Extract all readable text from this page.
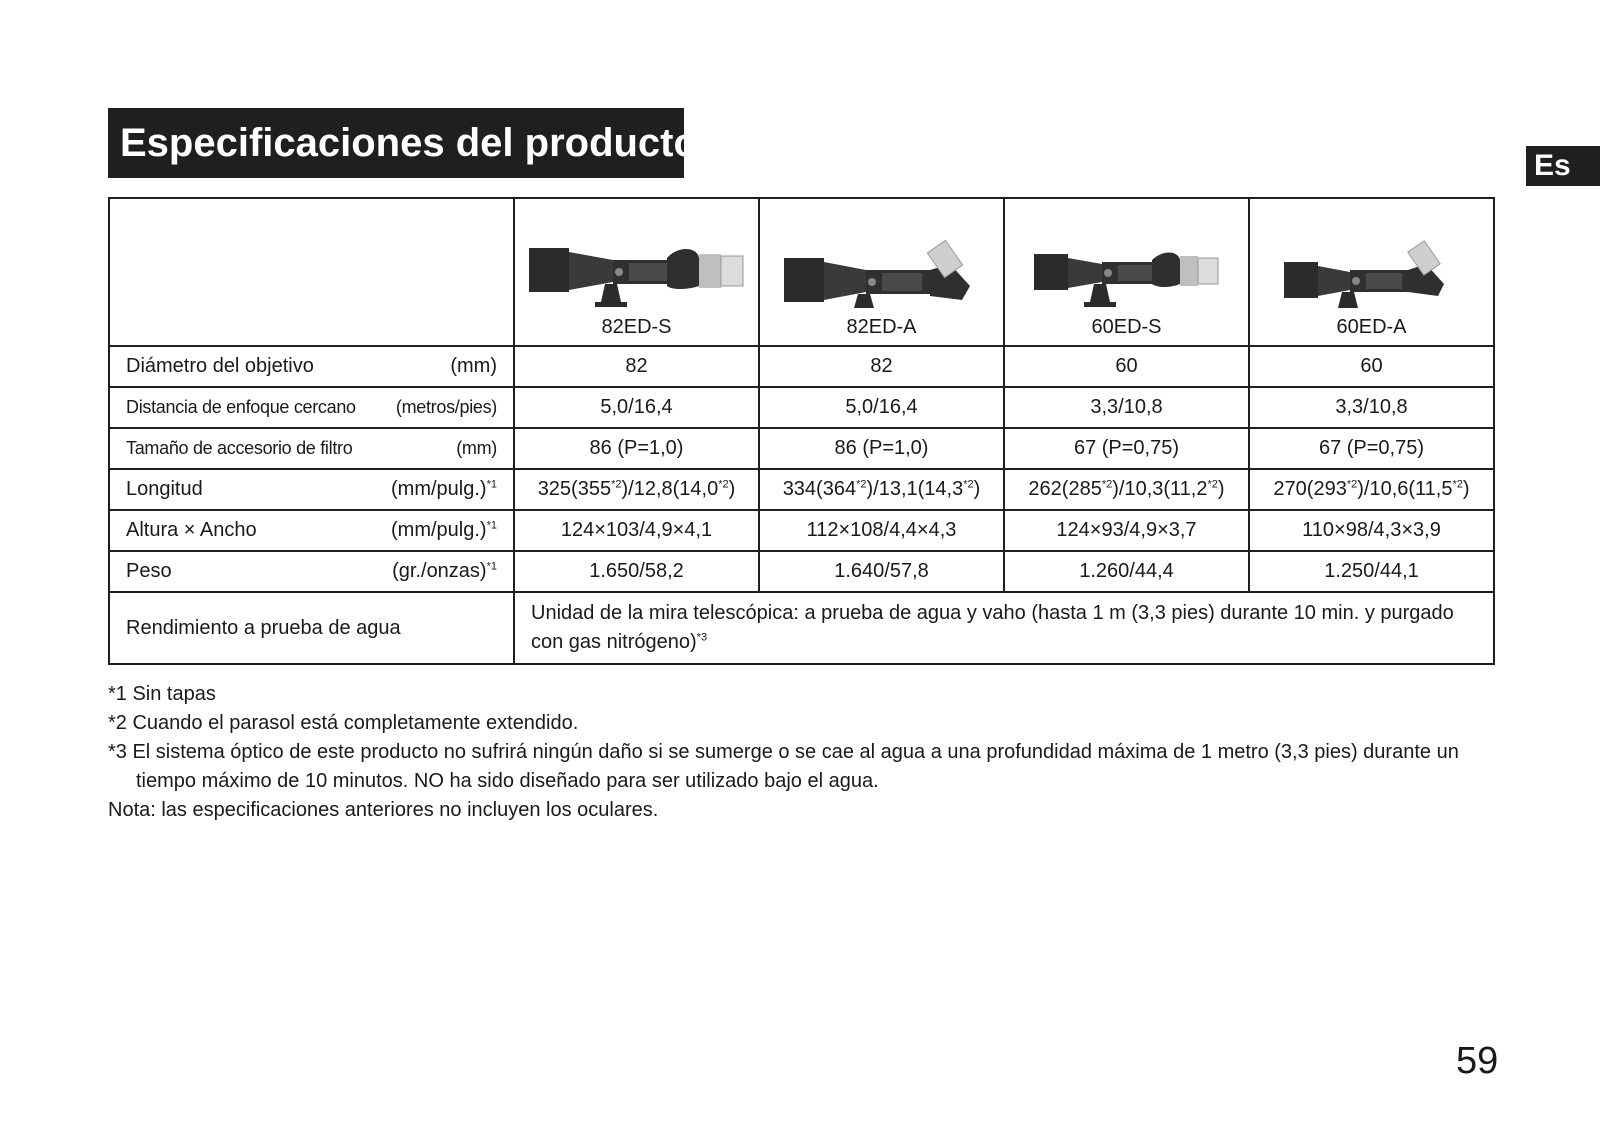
Especificaciones del producto
Es

	82ED-S	82ED-A	60ED-S	60ED-A

Diámetro del objetivo (mm)	82	82	60	60

Distancia de enfoque cercano (metros/pies)	5,0/16,4	5,0/16,4	3,3/10,8	3,3/10,8

Tamaño de accesorio de filtro (mm)	86 (P=1,0)	86 (P=1,0)	67 (P=0,75)	67 (P=0,75)

Longitud $(mm/pulg.)^{*1}$	325(355$^{*2}$)/12,8(14,0$^{*2}$)	334(364$^{*2}$)/13,1(14,3$^{*2}$)	262(285$^{*2}$)/10,3(11,2$^{*2}$)	270(293$^{*2}$)/10,6(11,5$^{*2}$)

Altura × Ancho $(mm/pulg.)^{*1}$	124×103/4,9×4,1	112×108/4,4×4,3	124×93/4,9×3,7	110×98/4,3×3,9

Peso (gr./onzas)$^{*1}$	1.650/58,2	1.640/57,8	1.260/44,4	1.250/44,1
Rendimiento a prueba de agua	Unidad de la mira telescópica: a prueba de agua y vaho (hasta 1 m (3,3 pies) durante 10 min. y purgado con gas nitrógeno)$^{*3}$

*1 Sin tapas

*2 Cuando el parasol está completamente extendido.

*3 El sistema óptico de este producto no sufrirá ningún daño si se sumerge o se cae al agua a una profundidad máxima de 1 metro (3,3 pies) durante un tiempo máximo de 10 minutos. NO ha sido diseñado para ser utilizado bajo el agua.

Nota: las especificaciones anteriores no incluyen los oculares.

59
